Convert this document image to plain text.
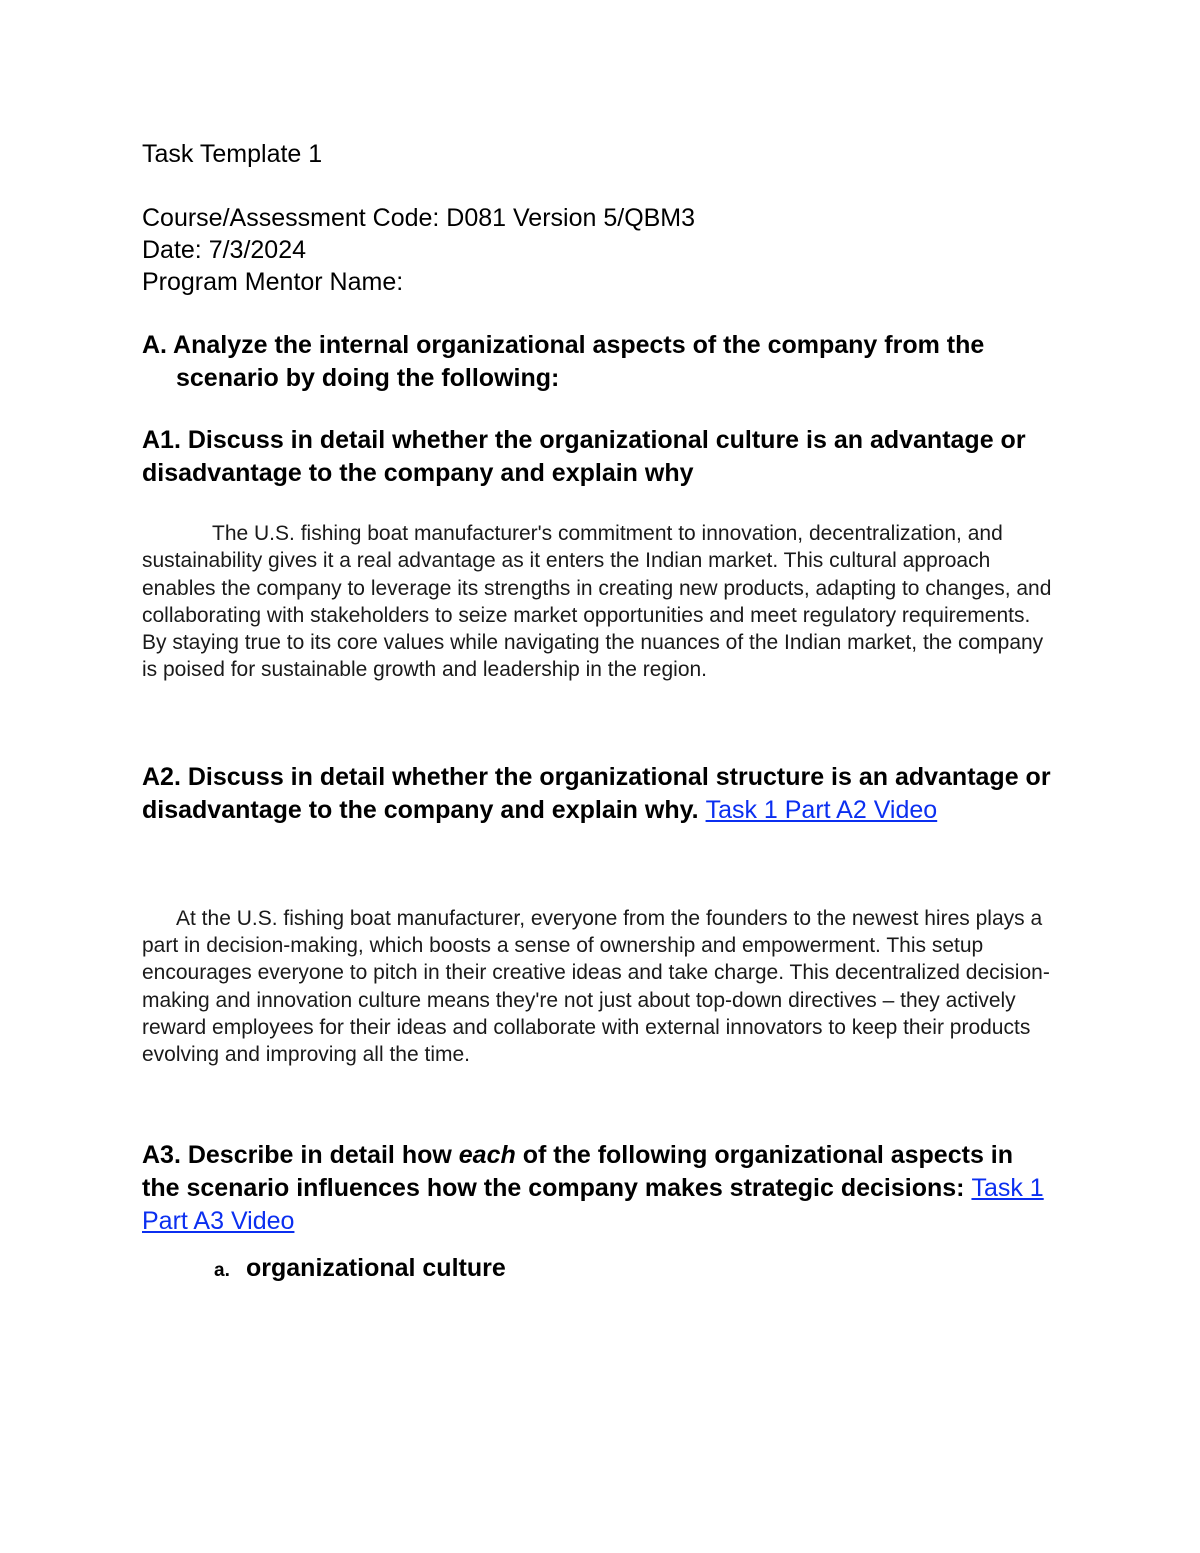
Task Template 1

Course/Assessment Code: D081 Version 5/QBM3

Date: 7/3/2024

Program Mentor Name:

A. Analyze the internal organizational aspects of the company from the scenario by doing the following:

A1. Discuss in detail whether the organizational culture is an advantage or disadvantage to the company and explain why

The U.S. fishing boat manufacturer's commitment to innovation, decentralization, and sustainability gives it a real advantage as it enters the Indian market. This cultural approach enables the company to leverage its strengths in creating new products, adapting to changes, and collaborating with stakeholders to seize market opportunities and meet regulatory requirements. By staying true to its core values while navigating the nuances of the Indian market, the company is poised for sustainable growth and leadership in the region.

A2. Discuss in detail whether the organizational structure is an advantage or disadvantage to the company and explain why. Task 1 Part A2 Video

At the U.S. fishing boat manufacturer, everyone from the founders to the newest hires plays a part in decision-making, which boosts a sense of ownership and empowerment. This setup encourages everyone to pitch in their creative ideas and take charge. This decentralized decision-making and innovation culture means they're not just about top-down directives – they actively reward employees for their ideas and collaborate with external innovators to keep their products evolving and improving all the time.

A3. Describe in detail how each of the following organizational aspects in the scenario influences how the company makes strategic decisions: Task 1 Part A3 Video

a. organizational culture
